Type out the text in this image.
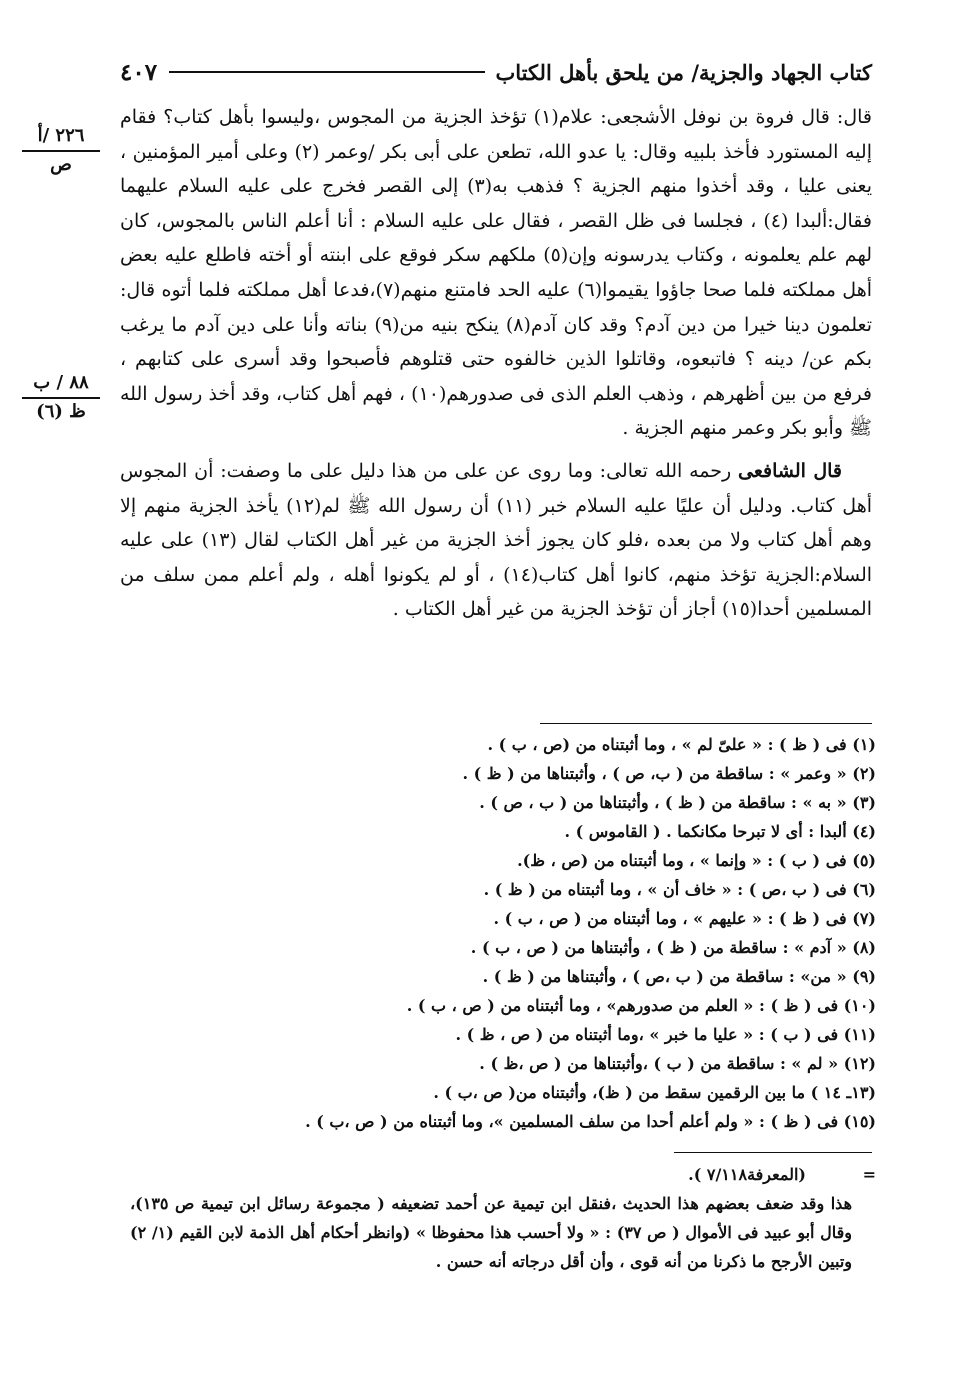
كتاب الجهاد والجزية/ من يلحق بأهل الكتاب
٤٠٧
۲۲٦ /أ
ص
۸۸ / ب
ظ (٦)

قال: قال فروة بن نوفل الأشجعى: علام(١) تؤخذ الجزية من المجوس ،وليسوا بأهل كتاب؟ فقام إليه المستورد فأخذ بلبيه وقال: يا عدو الله، تطعن على أبى بكر /وعمر (٢) وعلى أمير المؤمنين ، يعنى عليا ، وقد أخذوا منهم الجزية ؟ فذهب به(٣) إلى القصر فخرج على عليه السلام عليهما فقال:ألبدا (٤) ، فجلسا فى ظل القصر ، فقال على عليه السلام : أنا أعلم الناس بالمجوس، كان لهم علم يعلمونه ، وكتاب يدرسونه وإن(٥) ملكهم سكر فوقع على ابنته أو أخته فاطلع عليه بعض أهل مملكته فلما صحا جاؤوا يقيموا(٦) عليه الحد فامتنع منهم(٧)،فدعا أهل مملكته فلما أتوه قال: تعلمون دينا خيرا من دين آدم؟ وقد كان آدم(٨) ينكح بنيه من(٩) بناته وأنا على دين آدم ما يرغب بكم عن/ دينه ؟ فاتبعوه، وقاتلوا الذين خالفوه حتى قتلوهم فأصبحوا وقد أسرى على كتابهم ، فرفع من بين أظهرهم ، وذهب العلم الذى فى صدورهم(١٠) ، فهم أهل كتاب، وقد أخذ رسول الله ﷺ وأبو بكر وعمر منهم الجزية .

قال الشافعى رحمه الله تعالى: وما روى عن على من هذا دليل على ما وصفت: أن المجوس أهل كتاب. ودليل أن عليًا عليه السلام خبر (١١) أن رسول الله ﷺ لم(١٢) يأخذ الجزية منهم إلا وهم أهل كتاب ولا من بعده ،فلو كان يجوز أخذ الجزية من غير أهل الكتاب لقال (١٣) على عليه السلام:الجزية تؤخذ منهم، كانوا أهل كتاب(١٤) ، أو لم يكونوا أهله ، ولم أعلم ممن سلف من المسلمين أحدا(١٥) أجاز أن تؤخذ الجزية من غير أهل الكتاب .

(١) فى ( ظ ) : « علىّ لم » ، وما أثبتناه من (ص ، ب ) .
(٢) « وعمر » : ساقطة من ( ب، ص ) ، وأثبتناها من ( ظ ) .
(٣) « به » : ساقطة من ( ظ ) ، وأثبتناها من ( ب ، ص ) .
(٤) ألبدا : أى لا تبرحا مكانكما . ( القاموس ) .
(٥) فى ( ب ) : « وإنما » ، وما أثبتناه من (ص ، ظ).
(٦) فى ( ب ،ص ) : « خاف أن » ، وما أثبتناه من ( ظ ) .
(٧) فى ( ظ ) : « عليهم » ، وما أثبتناه من ( ص ، ب ) .
(٨) « آدم » : ساقطة من ( ظ ) ، وأثبتناها من ( ص ، ب ) .
(٩) « من» : ساقطة من ( ب ،ص ) ، وأثبتناها من ( ظ ) .
(١٠) فى ( ظ ) : « العلم من صدورهم» ، وما أثبتناه من ( ص ، ب ) .
(١١) فى ( ب ) : « عليا ما خبر » ،وما أثبتناه من ( ص ، ظ ) .
(١٢) « لم » : ساقطة من ( ب ) ،وأثبتناها من ( ص ،ظ ) .
(١٣ـ ١٤ ) ما بين الرقمين سقط من ( ظ)، وأثبتناه من( ص ،ب ) .
(١٥) فى ( ظ ) : « ولم أعلم أحدا من سلف المسلمين »، وما أثبتناه من ( ص ،ب ) .
=(المعرفة٧/١١٨ ).

هذا وقد ضعف بعضهم هذا الحديث ،فنقل ابن تيمية عن أحمد تضعيفه ( مجموعة رسائل ابن تيمية ص ١٣٥)، وقال أبو عبيد فى الأموال ( ص ٣٧) : « ولا أحسب هذا محفوظا » (وانظر أحكام أهل الذمة لابن القيم (١/ ٢) وتبين الأرجح ما ذكرنا من أنه قوى ، وأن أقل درجاته أنه حسن .
